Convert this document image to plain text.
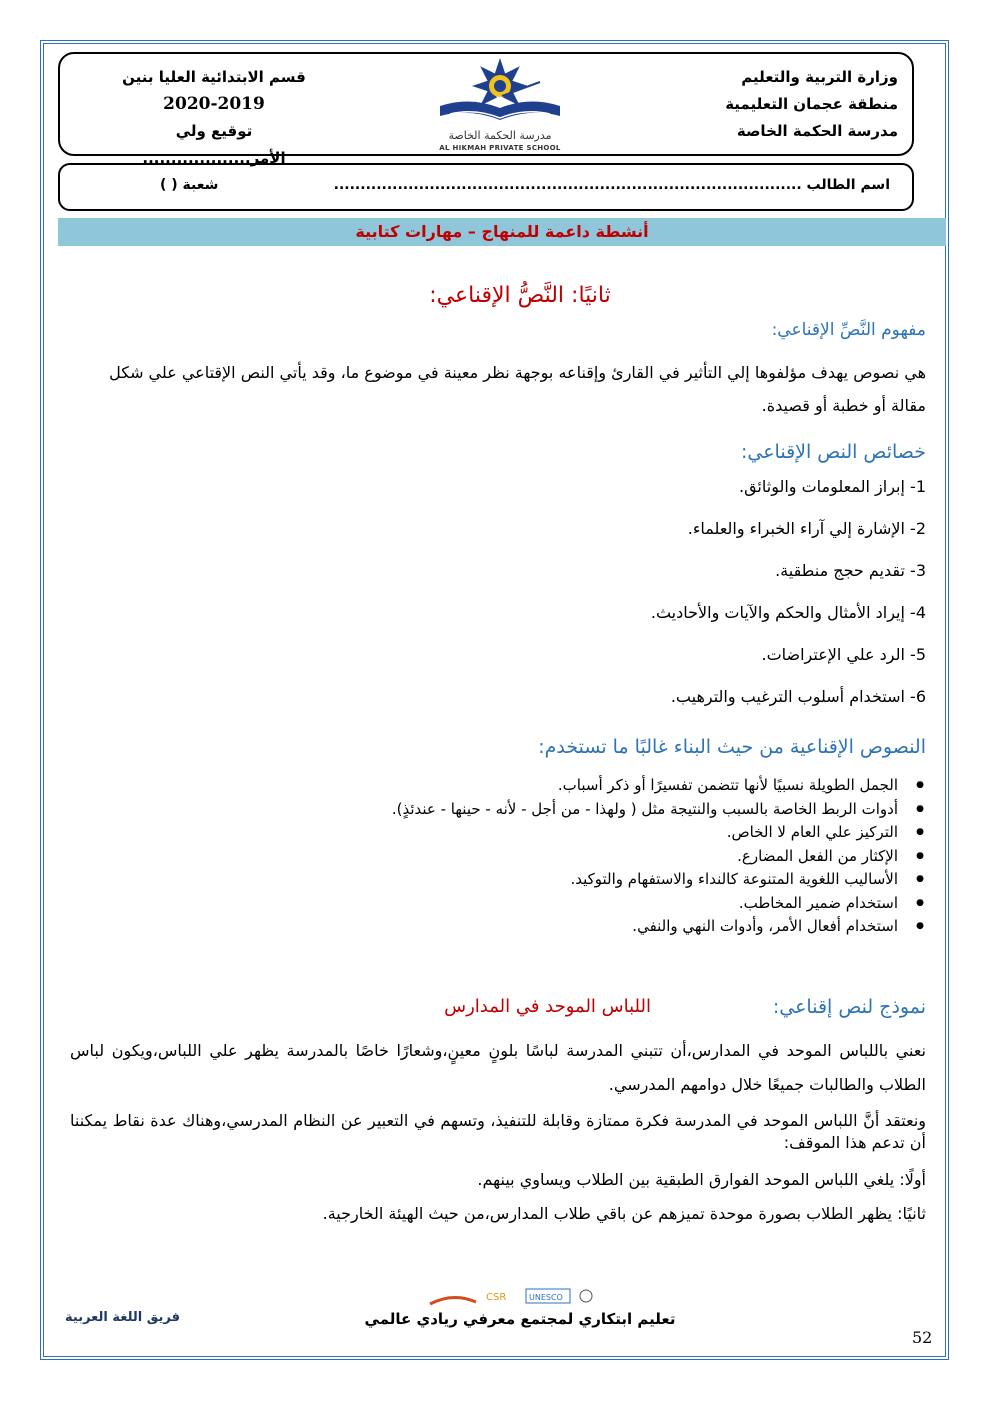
وزارة التربية والتعليم
منطقة عجمان التعليمية
مدرسة الحكمة الخاصة
مدرسة الحكمة الخاصة
AL HIKMAH PRIVATE SCHOOL
قسم الابتدائية العليا بنين
2020-2019
توقيع ولي الأمر...................
اسم الطالب ........................................................................................
شعبة ( )
أنشطة داعمة للمنهاج – مهارات كتابية
ثانيًا: النَّصُّ الإقناعي:
مفهوم النَّصِّ الإقناعي:
هي نصوص يهدف مؤلفوها إلي التأثير في القارئ وإقناعه بوجهة نظر معينة في موضوع ما، وقد يأتي النص الإقتاعي علي شكل مقالة أو خطبة أو قصيدة.
خصائص النص الإقناعي:
1- إبراز المعلومات والوثائق.
2- الإشارة إلي آراء الخبراء والعلماء.
3- تقديم حجج منطقية.
4- إيراد الأمثال والحكم والآيات والأحاديث.
5- الرد علي الإعتراضات.
6- استخدام أسلوب الترغيب والترهيب.
النصوص الإقناعية من حيث البناء غالبًا ما تستخدم:
● الجمل الطويلة نسبيًا لأنها تتضمن تفسيرًا أو ذكر أسباب.
● أدوات الربط الخاصة بالسبب والنتيجة مثل ( ولهذا - من أجل - لأنه - حينها - عندئذٍ).
● التركيز علي العام لا الخاص.
● الإكثار من الفعل المضارع.
● الأساليب اللغوية المتنوعة كالنداء والاستفهام والتوكيد.
● استخدام ضمير المخاطب.
● استخدام أفعال الأمر، وأدوات النهي والنفي.
نموذج لنص إقناعي:
اللباس الموحد في المدارس
نعني باللباس الموحد في المدارس،أن تتبني المدرسة لباسًا بلونٍ معينٍ،وشعارًا خاصًا بالمدرسة يظهر علي اللباس،ويكون لباس الطلاب والطالبات جميعًا خلال دوامهم المدرسي.
ونعتقد أنَّ اللباس الموحد في المدرسة فكرة ممتازة وقابلة للتنفيذ، وتسهم في التعبير عن النظام المدرسي،وهناك عدة نقاط يمكننا أن تدعم هذا الموقف:
أولًا: يلغي اللباس الموحد الفوارق الطبقية بين الطلاب ويساوي بينهم.
ثانيًا: يظهر الطلاب بصورة موحدة تميزهم عن باقي طلاب المدارس،من حيث الهيئة الخارجية.
CSR	UNESCO
تعليم ابتكاري لمجتمع معرفي ريادي عالمي
فريق اللغة العربية
52
